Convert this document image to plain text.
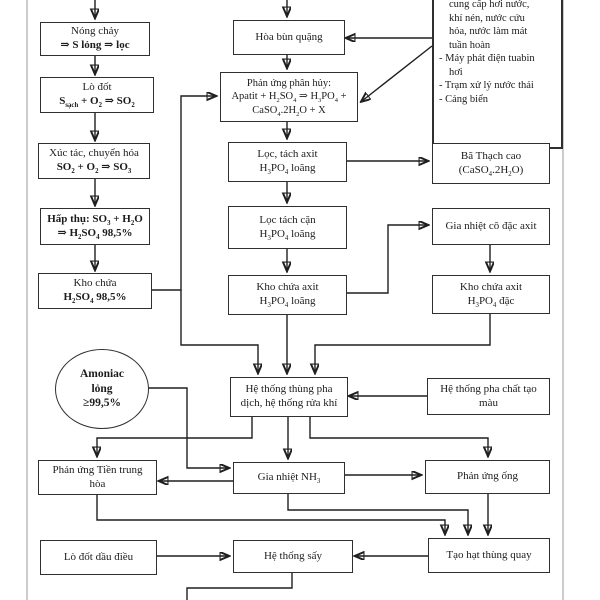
Nóng chảy
⇒ S lỏng ⇒ lọc
Lò đốt
$S_{sạch} + O_2$ ⇒ $SO_2$
Xúc tác, chuyển hóa
$SO_2 + O_2$ ⇒ $SO_3$
Hấp thụ: $SO_3 + H_2O$
⇒ $H_2SO_4$ 98,5%
Kho chứa
$H_2SO_4$ 98,5%
Amoniac
lỏng
≥99,5%
Phản ứng Tiền trung
hòa
Lò đốt dầu điều
Hòa bùn quặng
Phản ứng phân hủy:
Apatit + $H_2SO_4$ ⇒ $H_3PO_4$ +
$CaSO_4.2H_2O + X$
Lọc, tách axit
$H_3PO_4$ loãng
Lọc tách cặn
$H_3PO_4$ loãng
Kho chứa axit
$H_3PO_4$ loãng
Hệ thống thùng pha
dịch, hệ thống rửa khí
Gia nhiệt $NH_3$
Hệ thống sấy
cung cấp hơi nước,
khí nén, nước cứu
hỏa, nước làm mát
tuần hoàn
- Máy phát điện tuabin
hơi
- Trạm xử lý nước thải
- Cảng biển
Bã Thạch cao
$(CaSO_4.2H_2O)$
Gia nhiệt cô đặc axit
Kho chứa axit
$H_3PO_4$ đặc
Hệ thống pha chất tạo
màu
Phản ứng ống
Tạo hạt thùng quay
